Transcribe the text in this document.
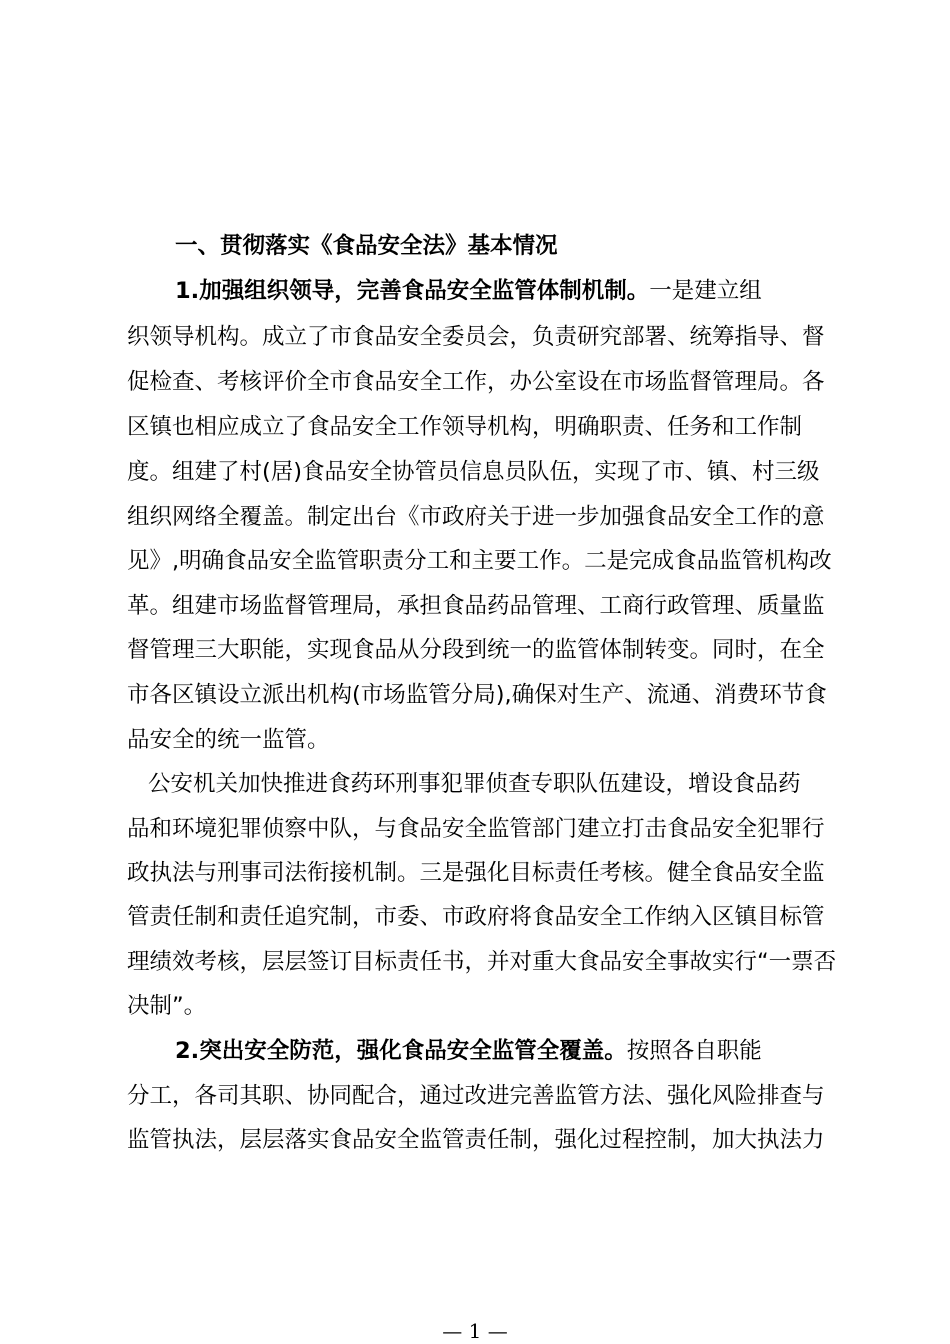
一、贯彻落实《食品安全法》基本情况
1.加强组织领导，完善食品安全监管体制机制。一是建立组
织领导机构。成立了市食品安全委员会，负责研究部署、统筹指导、督
促检查、考核评价全市食品安全工作，办公室设在市场监督管理局。各
区镇也相应成立了食品安全工作领导机构，明确职责、任务和工作制
度。组建了村(居)食品安全协管员信息员队伍，实现了市、镇、村三级
组织网络全覆盖。制定出台《市政府关于进一步加强食品安全工作的意
见》,明确食品安全监管职责分工和主要工作。二是完成食品监管机构改
革。组建市场监督管理局，承担食品药品管理、工商行政管理、质量监
督管理三大职能，实现食品从分段到统一的监管体制转变。同时，在全
市各区镇设立派出机构(市场监管分局),确保对生产、流通、消费环节食
品安全的统一监管。
公安机关加快推进食药环刑事犯罪侦查专职队伍建设，增设食品药
品和环境犯罪侦察中队，与食品安全监管部门建立打击食品安全犯罪行
政执法与刑事司法衔接机制。三是强化目标责任考核。健全食品安全监
管责任制和责任追究制，市委、市政府将食品安全工作纳入区镇目标管
理绩效考核，层层签订目标责任书，并对重大食品安全事故实行“一票否
决制”。
2.突出安全防范，强化食品安全监管全覆盖。按照各自职能
分工，各司其职、协同配合，通过改进完善监管方法、强化风险排查与
监管执法，层层落实食品安全监管责任制，强化过程控制，加大执法力
— 1 —
